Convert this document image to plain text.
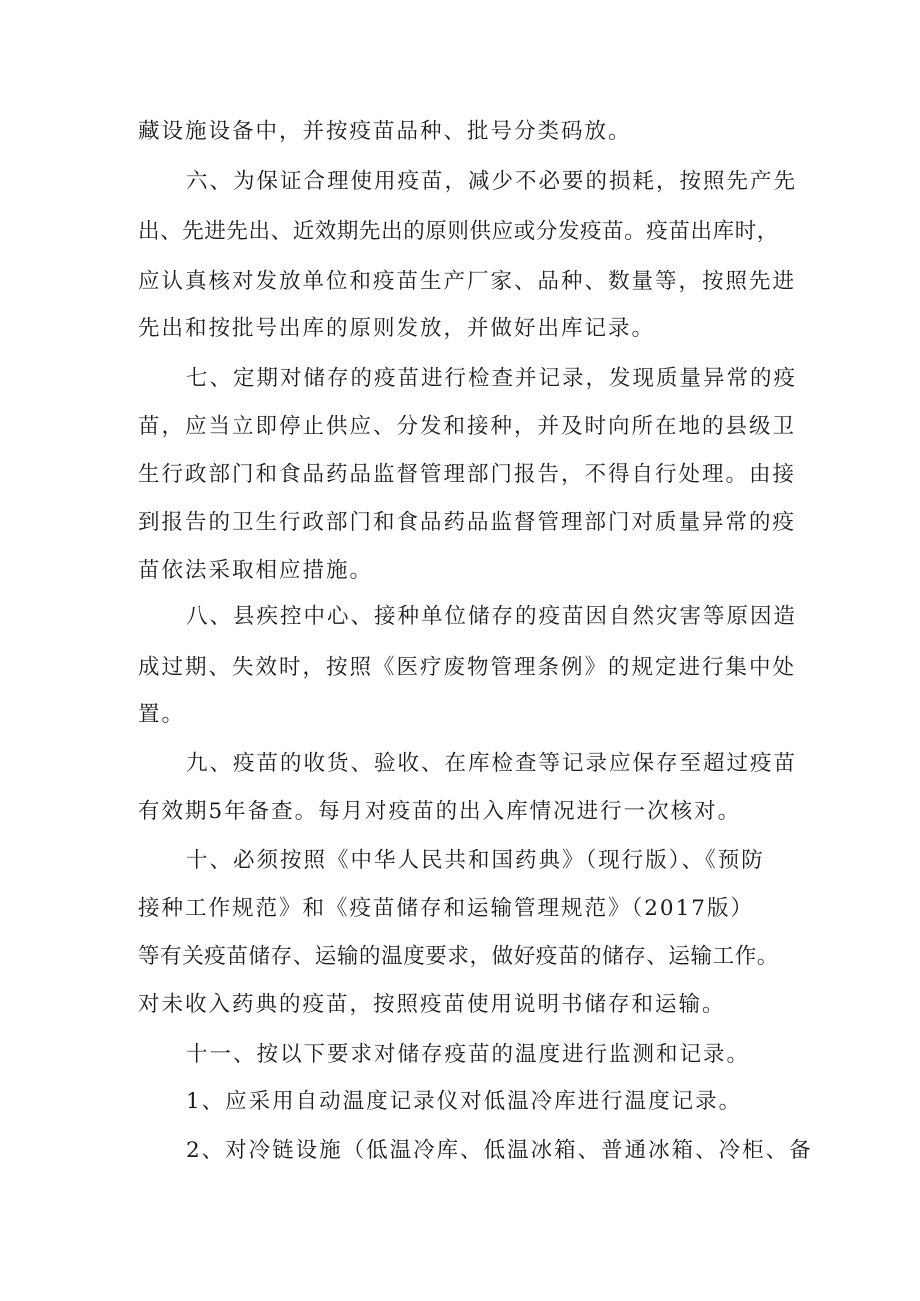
藏设施设备中，并按疫苗品种、批号分类码放。
六、为保证合理使用疫苗，减少不必要的损耗，按照先产先
出、先进先出、近效期先出的原则供应或分发疫苗。疫苗出库时，
应认真核对发放单位和疫苗生产厂家、品种、数量等，按照先进
先出和按批号出库的原则发放，并做好出库记录。
七、定期对储存的疫苗进行检查并记录，发现质量异常的疫
苗，应当立即停止供应、分发和接种，并及时向所在地的县级卫
生行政部门和食品药品监督管理部门报告，不得自行处理。由接
到报告的卫生行政部门和食品药品监督管理部门对质量异常的疫
苗依法采取相应措施。
八、县疾控中心、接种单位储存的疫苗因自然灾害等原因造
成过期、失效时，按照《医疗废物管理条例》的规定进行集中处
置。
九、疫苗的收货、验收、在库检查等记录应保存至超过疫苗
有效期5年备查。每月对疫苗的出入库情况进行一次核对。
十、必须按照《中华人民共和国药典》（现行版）、《预防
接种工作规范》和《疫苗储存和运输管理规范》（2017版）
等有关疫苗储存、运输的温度要求，做好疫苗的储存、运输工作。
对未收入药典的疫苗，按照疫苗使用说明书储存和运输。
十一、按以下要求对储存疫苗的温度进行监测和记录。
1、应采用自动温度记录仪对低温冷库进行温度记录。
2、对冷链设施（低温冷库、低温冰箱、普通冰箱、冷柜、备
